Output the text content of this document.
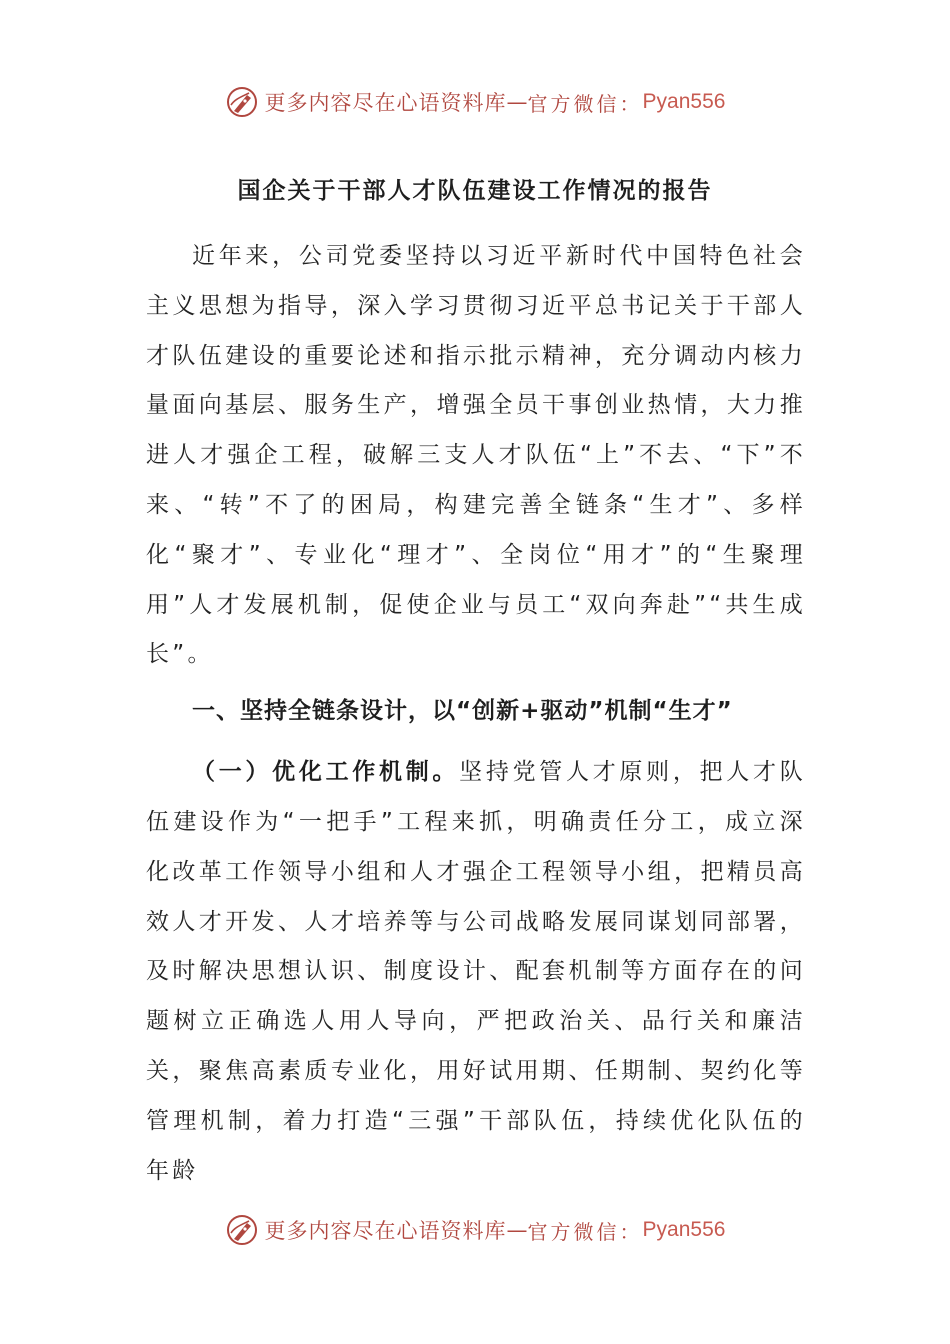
更多内容尽在心语资料库 — 官方微信： Pyan556
国企关于干部人才队伍建设工作情况的报告

近年来，公司党委坚持以习近平新时代中国特色社会主义思想为指导，深入学习贯彻习近平总书记关于干部人才队伍建设的重要论述和指示批示精神，充分调动内核力量面向基层、服务生产，增强全员干事创业热情，大力推进人才强企工程，破解三支人才队伍“上”不去、“下”不来、“转”不了的困局，构建完善全链条“生才”、多样化“聚才”、专业化“理才”、全岗位“用才”的“生聚理用”人才发展机制，促使企业与员工“双向奔赴”“共生成长”。

一、坚持全链条设计，以“创新+驱动”机制“生才”

（一）优化工作机制。坚持党管人才原则，把人才队伍建设作为“一把手”工程来抓，明确责任分工，成立深化改革工作领导小组和人才强企工程领导小组，把精员高效人才开发、人才培养等与公司战略发展同谋划同部署，及时解决思想认识、制度设计、配套机制等方面存在的问题树立正确选人用人导向，严把政治关、品行关和廉洁关，聚焦高素质专业化，用好试用期、任期制、契约化等管理机制，着力打造“三强”干部队伍，持续优化队伍的年龄

更多内容尽在心语资料库 — 官方微信： Pyan556
